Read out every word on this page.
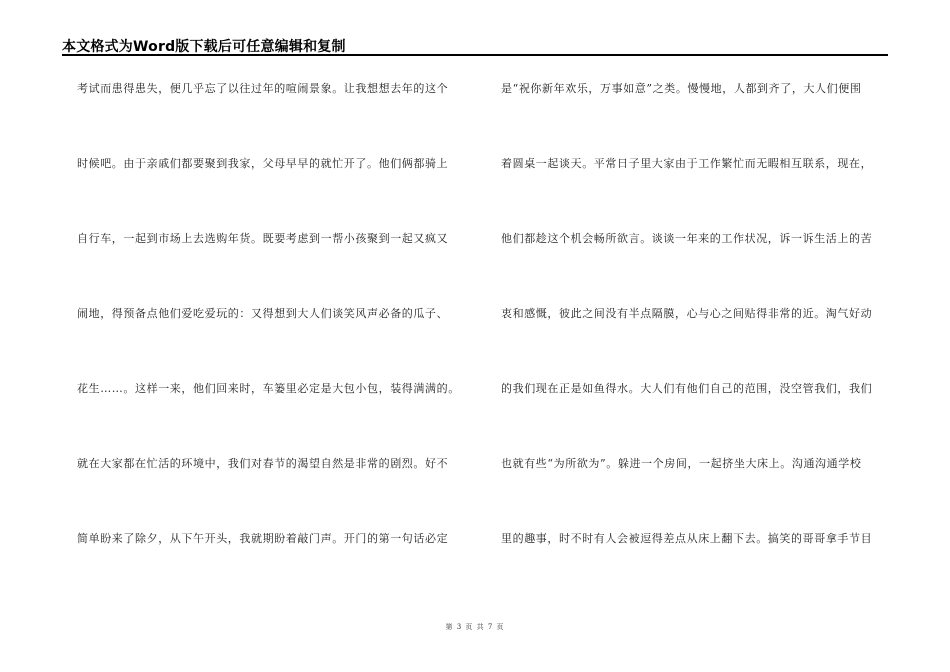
本文格式为Word版下载后可任意编辑和复制
考试而患得患失，便几乎忘了以往过年的喧闹景象。让我想想去年的这个
时候吧。由于亲戚们都要聚到我家，父母早早的就忙开了。他们俩都骑上
自行车，一起到市场上去选购年货。既要考虑到一帮小孩聚到一起又疯又
闹地，得预备点他们爱吃爱玩的：又得想到大人们谈笑风声必备的瓜子、
花生……。这样一来，他们回来时，车篓里必定是大包小包，装得满满的。
就在大家都在忙活的环境中，我们对春节的渴望自然是非常的剧烈。好不
简单盼来了除夕，从下午开头，我就期盼着敲门声。开门的第一句话必定
是“祝你新年欢乐，万事如意”之类。慢慢地，人都到齐了，大人们便围
着圆桌一起谈天。平常日子里大家由于工作繁忙而无暇相互联系，现在，
他们都趁这个机会畅所欲言。谈谈一年来的工作状况，诉一诉生活上的苦
衷和感慨，彼此之间没有半点隔膜，心与心之间贴得非常的近。淘气好动
的我们现在正是如鱼得水。大人们有他们自己的范围，没空管我们，我们
也就有些“为所欲为”。躲进一个房间，一起挤坐大床上。沟通沟通学校
里的趣事，时不时有人会被逗得差点从床上翻下去。搞笑的哥哥拿手节目
第 3 页 共 7 页
